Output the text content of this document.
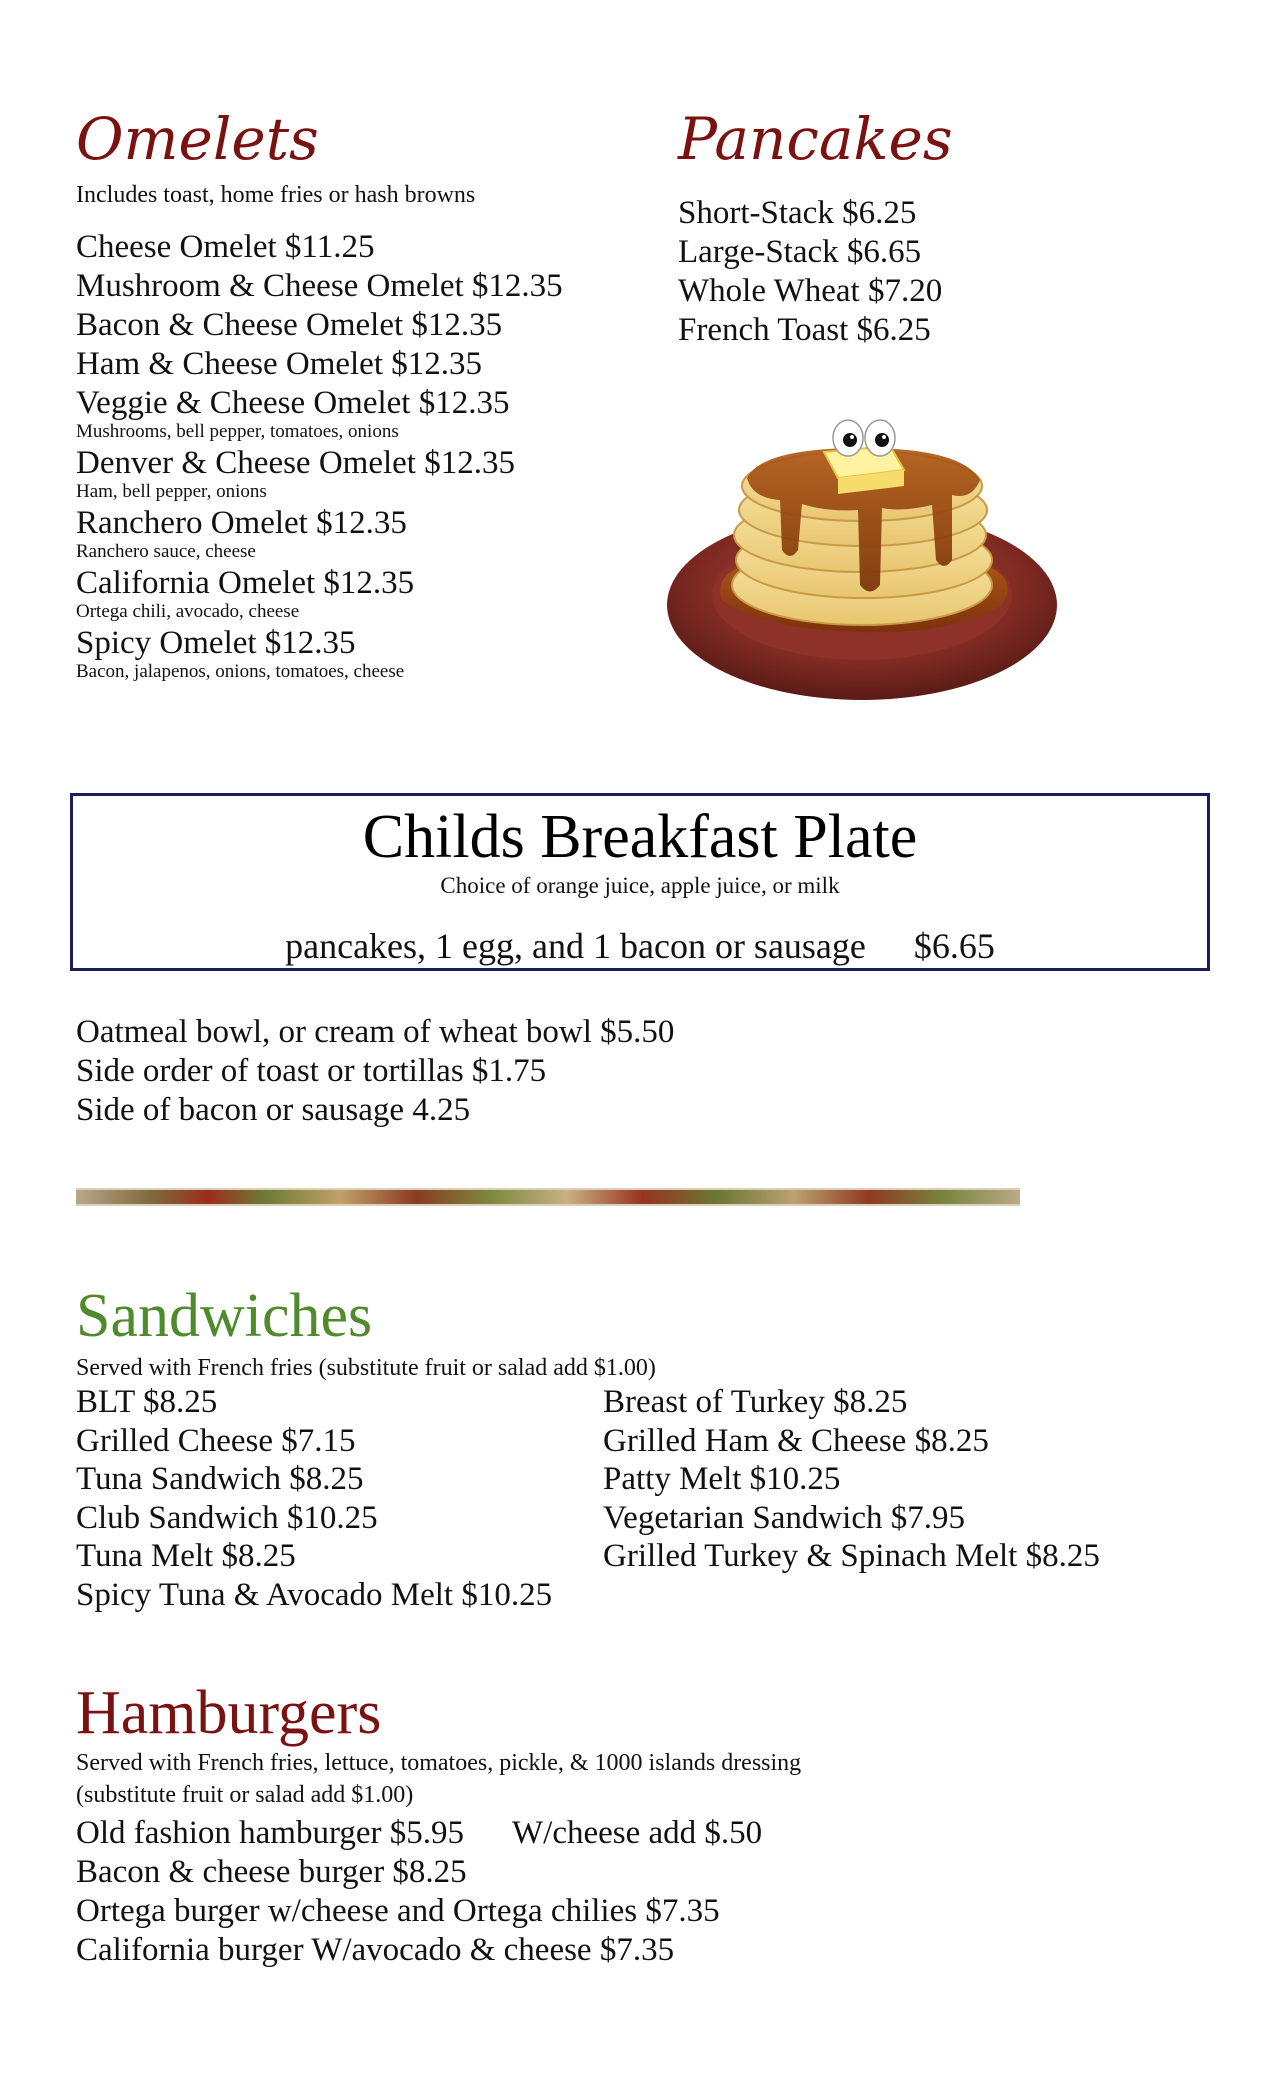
Omelets
Includes toast, home fries or hash browns
Cheese Omelet $11.25
Mushroom & Cheese Omelet $12.35
Bacon & Cheese Omelet $12.35
Ham & Cheese Omelet $12.35
Veggie & Cheese Omelet $12.35
Mushrooms, bell pepper, tomatoes, onions
Denver & Cheese Omelet $12.35
Ham, bell pepper, onions
Ranchero Omelet $12.35
Ranchero sauce, cheese
California Omelet $12.35
Ortega chili, avocado, cheese
Spicy Omelet $12.35
Bacon, jalapenos, onions, tomatoes, cheese
Pancakes
Short-Stack $6.25
Large-Stack $6.65
Whole Wheat $7.20
French Toast $6.25
Childs Breakfast Plate
Choice of orange juice, apple juice, or milk
pancakes, 1 egg, and 1 bacon or sausage $6.65
Oatmeal bowl, or cream of wheat bowl $5.50
Side order of toast or tortillas $1.75
Side of bacon or sausage 4.25
Sandwiches
Served with French fries (substitute fruit or salad add $1.00)
BLT $8.25
Grilled Cheese $7.15
Tuna Sandwich $8.25
Club Sandwich $10.25
Tuna Melt $8.25
Spicy Tuna & Avocado Melt $10.25
Breast of Turkey $8.25
Grilled Ham & Cheese $8.25
Patty Melt $10.25
Vegetarian Sandwich $7.95
Grilled Turkey & Spinach Melt $8.25
Hamburgers
Served with French fries, lettuce, tomatoes, pickle, & 1000 islands dressing
(substitute fruit or salad add $1.00)
Old fashion hamburger $5.95 W/cheese add $.50
Bacon & cheese burger $8.25
Ortega burger w/cheese and Ortega chilies $7.35
California burger W/avocado & cheese $7.35
